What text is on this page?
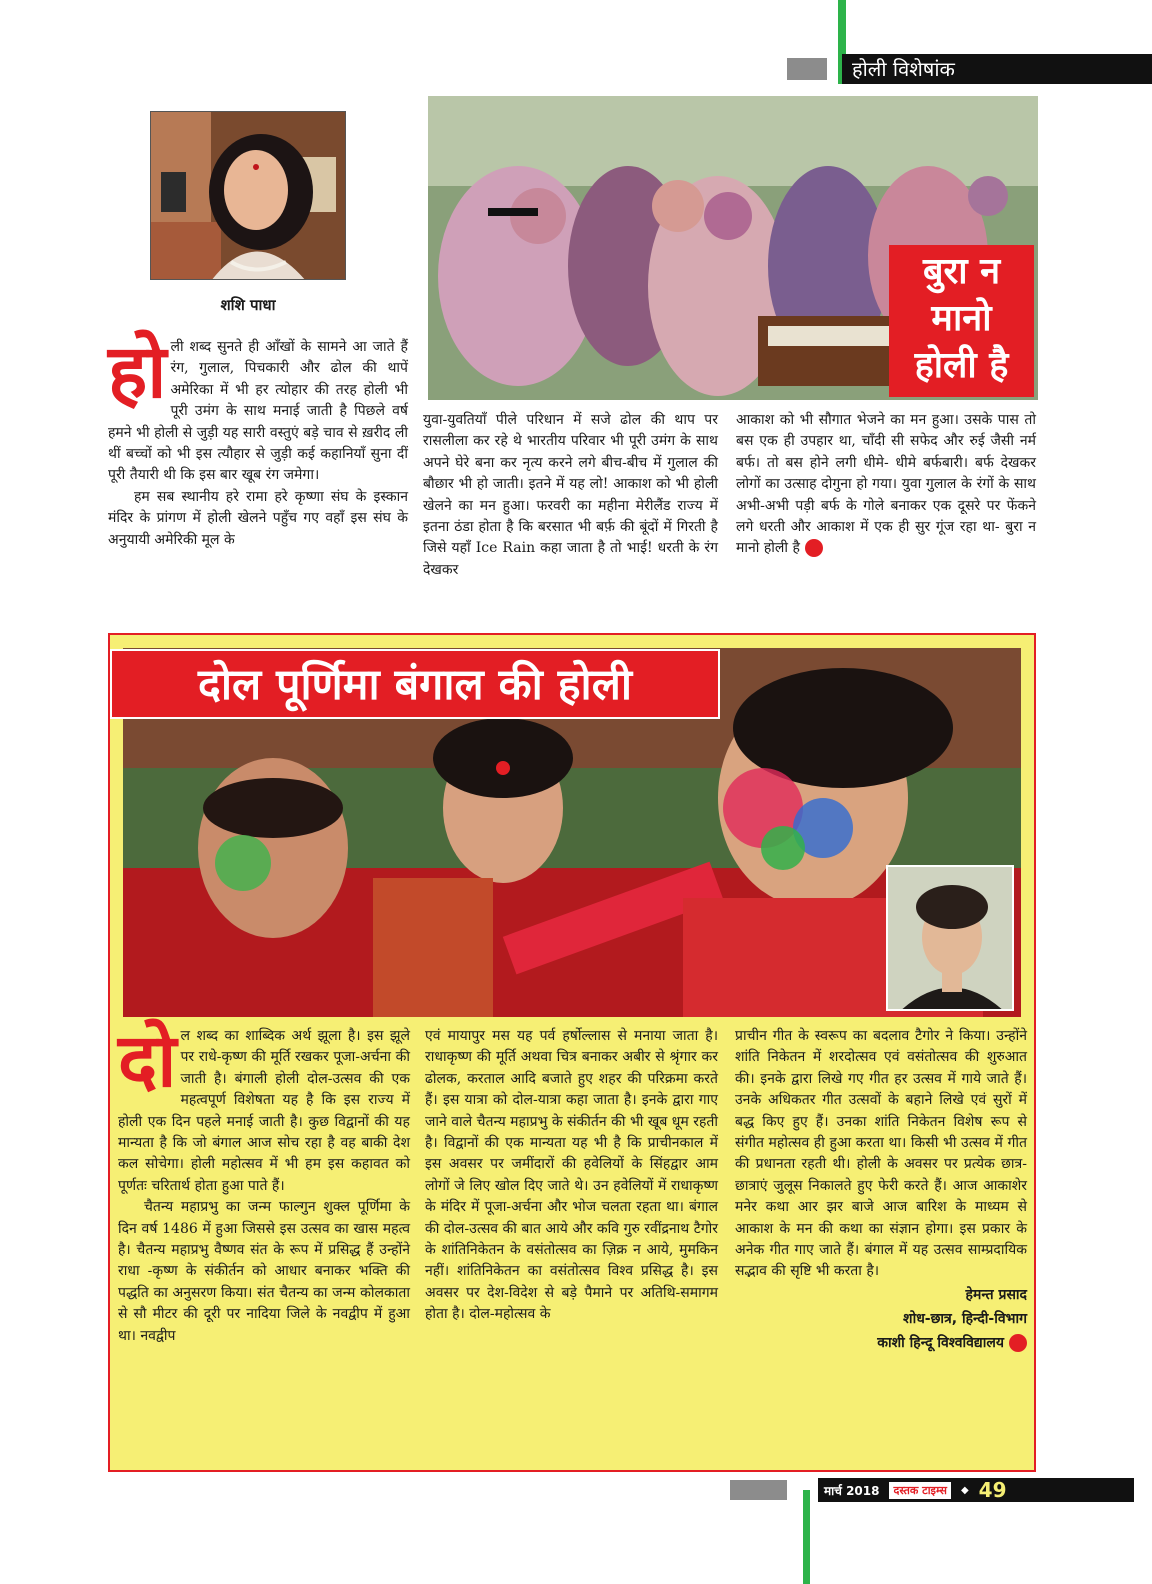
होली विशेषांक
शशि पाधा
बुरा न
मानो
होली है
हो ली शब्द सुनते ही आँखों के सामने आ जाते हैं रंग, गुलाल, पिचकारी और ढोल की थापें अमेरिका में भी हर त्योहार की तरह होली भी पूरी उमंग के साथ मनाई जाती है पिछले वर्ष हमने भी होली से जुड़ी यह सारी वस्तुएं बड़े चाव से ख़रीद ली थीं बच्चों को भी इस त्यौहार से जुड़ी कई कहानियाँ सुना दीं पूरी तैयारी थी कि इस बार खूब रंग जमेगा।

हम सब स्थानीय हरे रामा हरे कृष्णा संघ के इस्कान मंदिर के प्रांगण में होली खेलने पहुँच गए वहाँ इस संघ के अनुयायी अमेरिकी मूल के

युवा-युवतियाँ पीले परिधान में सजे ढोल की थाप पर रासलीला कर रहे थे भारतीय परिवार भी पूरी उमंग के साथ अपने घेरे बना कर नृत्य करने लगे बीच-बीच में गुलाल की बौछार भी हो जाती। इतने में यह लो! आकाश को भी होली खेलने का मन हुआ। फरवरी का महीना मेरीलैंड राज्य में इतना ठंडा होता है कि बरसात भी बर्फ़ की बूंदों में गिरती है जिसे यहाँ Ice Rain कहा जाता है तो भाई! धरती के रंग देखकर

आकाश को भी सौगात भेजने का मन हुआ। उसके पास तो बस एक ही उपहार था, चाँदी सी सफेद और रुई जैसी नर्म बर्फ। तो बस होने लगी धीमे- धीमे बर्फबारी। बर्फ देखकर लोगों का उत्साह दोगुना हो गया। युवा गुलाल के रंगों के साथ अभी-अभी पड़ी बर्फ के गोले बनाकर एक दूसरे पर फेंकने लगे धरती और आकाश में एक ही सुर गूंज रहा था- बुरा न मानो होली है

दोल पूर्णिमा बंगाल की होली
दो ल शब्द का शाब्दिक अर्थ झूला है। इस झूले पर राधे-कृष्ण की मूर्ति रखकर पूजा-अर्चना की जाती है। बंगाली होली दोल-उत्सव की एक महत्वपूर्ण विशेषता यह है कि इस राज्य में होली एक दिन पहले मनाई जाती है। कुछ विद्वानों की यह मान्यता है कि जो बंगाल आज सोच रहा है वह बाकी देश कल सोचेगा। होली महोत्सव में भी हम इस कहावत को पूर्णतः चरितार्थ होता हुआ पाते हैं।

चैतन्य महाप्रभु का जन्म फाल्गुन शुक्ल पूर्णिमा के दिन वर्ष 1486 में हुआ जिससे इस उत्सव का खास महत्व है। चैतन्य महाप्रभु वैष्णव संत के रूप में प्रसिद्ध हैं उन्होंने राधा -कृष्ण के संकीर्तन को आधार बनाकर भक्ति की पद्धति का अनुसरण किया। संत चैतन्य का जन्म कोलकाता से सौ मीटर की दूरी पर नादिया जिले के नवद्वीप में हुआ था। नवद्वीप

एवं मायापुर मस यह पर्व हर्षोल्लास से मनाया जाता है। राधाकृष्ण की मूर्ति अथवा चित्र बनाकर अबीर से श्रृंगार कर ढोलक, करताल आदि बजाते हुए शहर की परिक्रमा करते हैं। इस यात्रा को दोल-यात्रा कहा जाता है। इनके द्वारा गाए जाने वाले चैतन्य महाप्रभु के संकीर्तन की भी खूब धूम रहती है। विद्वानों की एक मान्यता यह भी है कि प्राचीनकाल में इस अवसर पर जमींदारों की हवेलियों के सिंहद्वार आम लोगों जे लिए खोल दिए जाते थे। उन हवेलियों में राधाकृष्ण के मंदिर में पूजा-अर्चना और भोज चलता रहता था। बंगाल की दोल-उत्सव की बात आये और कवि गुरु रवींद्रनाथ टैगोर के शांतिनिकेतन के वसंतोत्सव का ज़िक्र न आये, मुमकिन नहीं। शांतिनिकेतन का वसंतोत्सव विश्व प्रसिद्ध है। इस अवसर पर देश-विदेश से बड़े पैमाने पर अतिथि-समागम होता है। दोल-महोत्सव के

प्राचीन गीत के स्वरूप का बदलाव टैगोर ने किया। उन्होंने शांति निकेतन में शरदोत्सव एवं वसंतोत्सव की शुरुआत की। इनके द्वारा लिखे गए गीत हर उत्सव में गाये जाते हैं। उनके अधिकतर गीत उत्सवों के बहाने लिखे एवं सुरों में बद्ध किए हुए हैं। उनका शांति निकेतन विशेष रूप से संगीत महोत्सव ही हुआ करता था। किसी भी उत्सव में गीत की प्रधानता रहती थी। होली के अवसर पर प्रत्येक छात्र-छात्राएं जुलूस निकालते हुए फेरी करते हैं। आज आकाशेर मनेर कथा आर झर बाजे आज बारिश के माध्यम से आकाश के मन की कथा का संज्ञान होगा। इस प्रकार के अनेक गीत गाए जाते हैं। बंगाल में यह उत्सव साम्प्रदायिक सद्भाव की सृष्टि भी करता है।

हेमन्त प्रसाद
शोध-छात्र, हिन्दी-विभाग
काशी हिन्दू विश्वविद्यालय
मार्च 2018	दस्तक टाइम्स	◆ 49
